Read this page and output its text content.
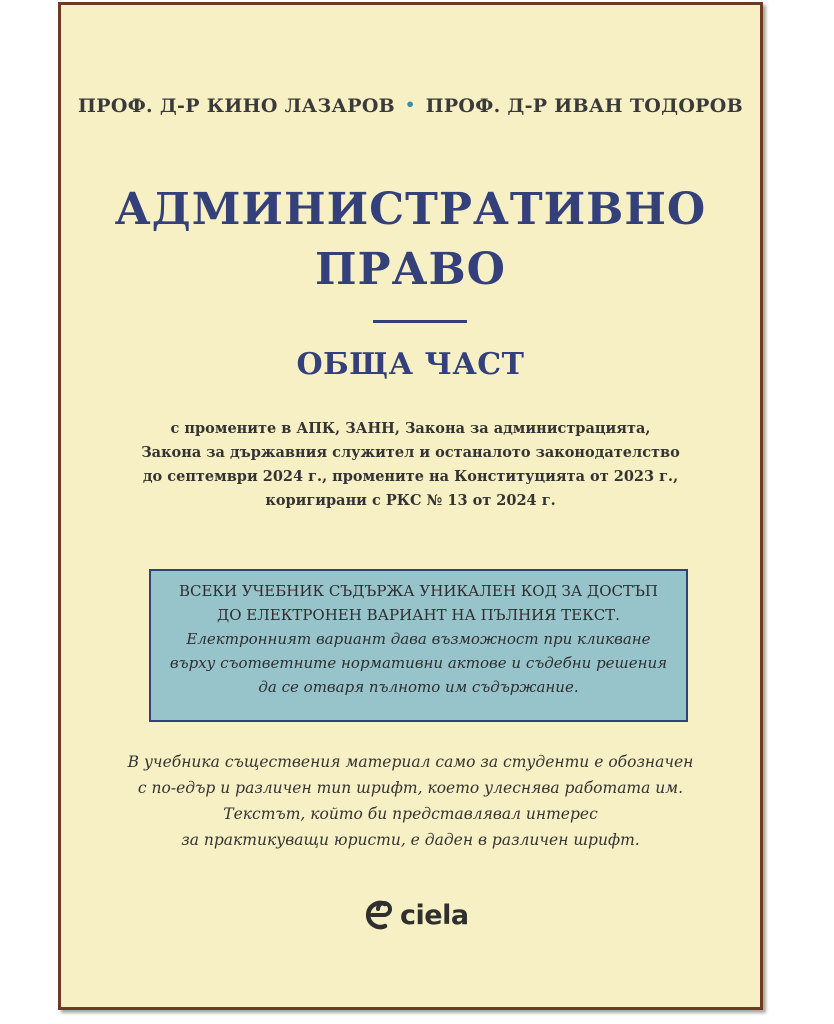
ПРОФ. Д-Р КИНО ЛАЗАРОВ • ПРОФ. Д-Р ИВАН ТОДОРОВ
АДМИНИСТРАТИВНО
ПРАВО
ОБЩА ЧАСТ
с промените в АПК, ЗАНН, Закона за администрацията,
Закона за държавния служител и останалото законодателство
до септември 2024 г., промените на Конституцията от 2023 г.,
коригирани с РКС № 13 от 2024 г.
ВСЕКИ УЧЕБНИК СЪДЪРЖА УНИКАЛЕН КОД ЗА ДОСТЪП
ДО ЕЛЕКТРОНЕН ВАРИАНТ НА ПЪЛНИЯ ТЕКСТ.
Електронният вариант дава възможност при кликване
върху съответните нормативни актове и съдебни решения
да се отваря пълното им съдържание.
В учебника съществения материал само за студенти е обозначен
с по-едър и различен тип шрифт, което улеснява работата им.
Текстът, който би представлявал интерес
за практикуващи юристи, е даден в различен шрифт.
ciela
